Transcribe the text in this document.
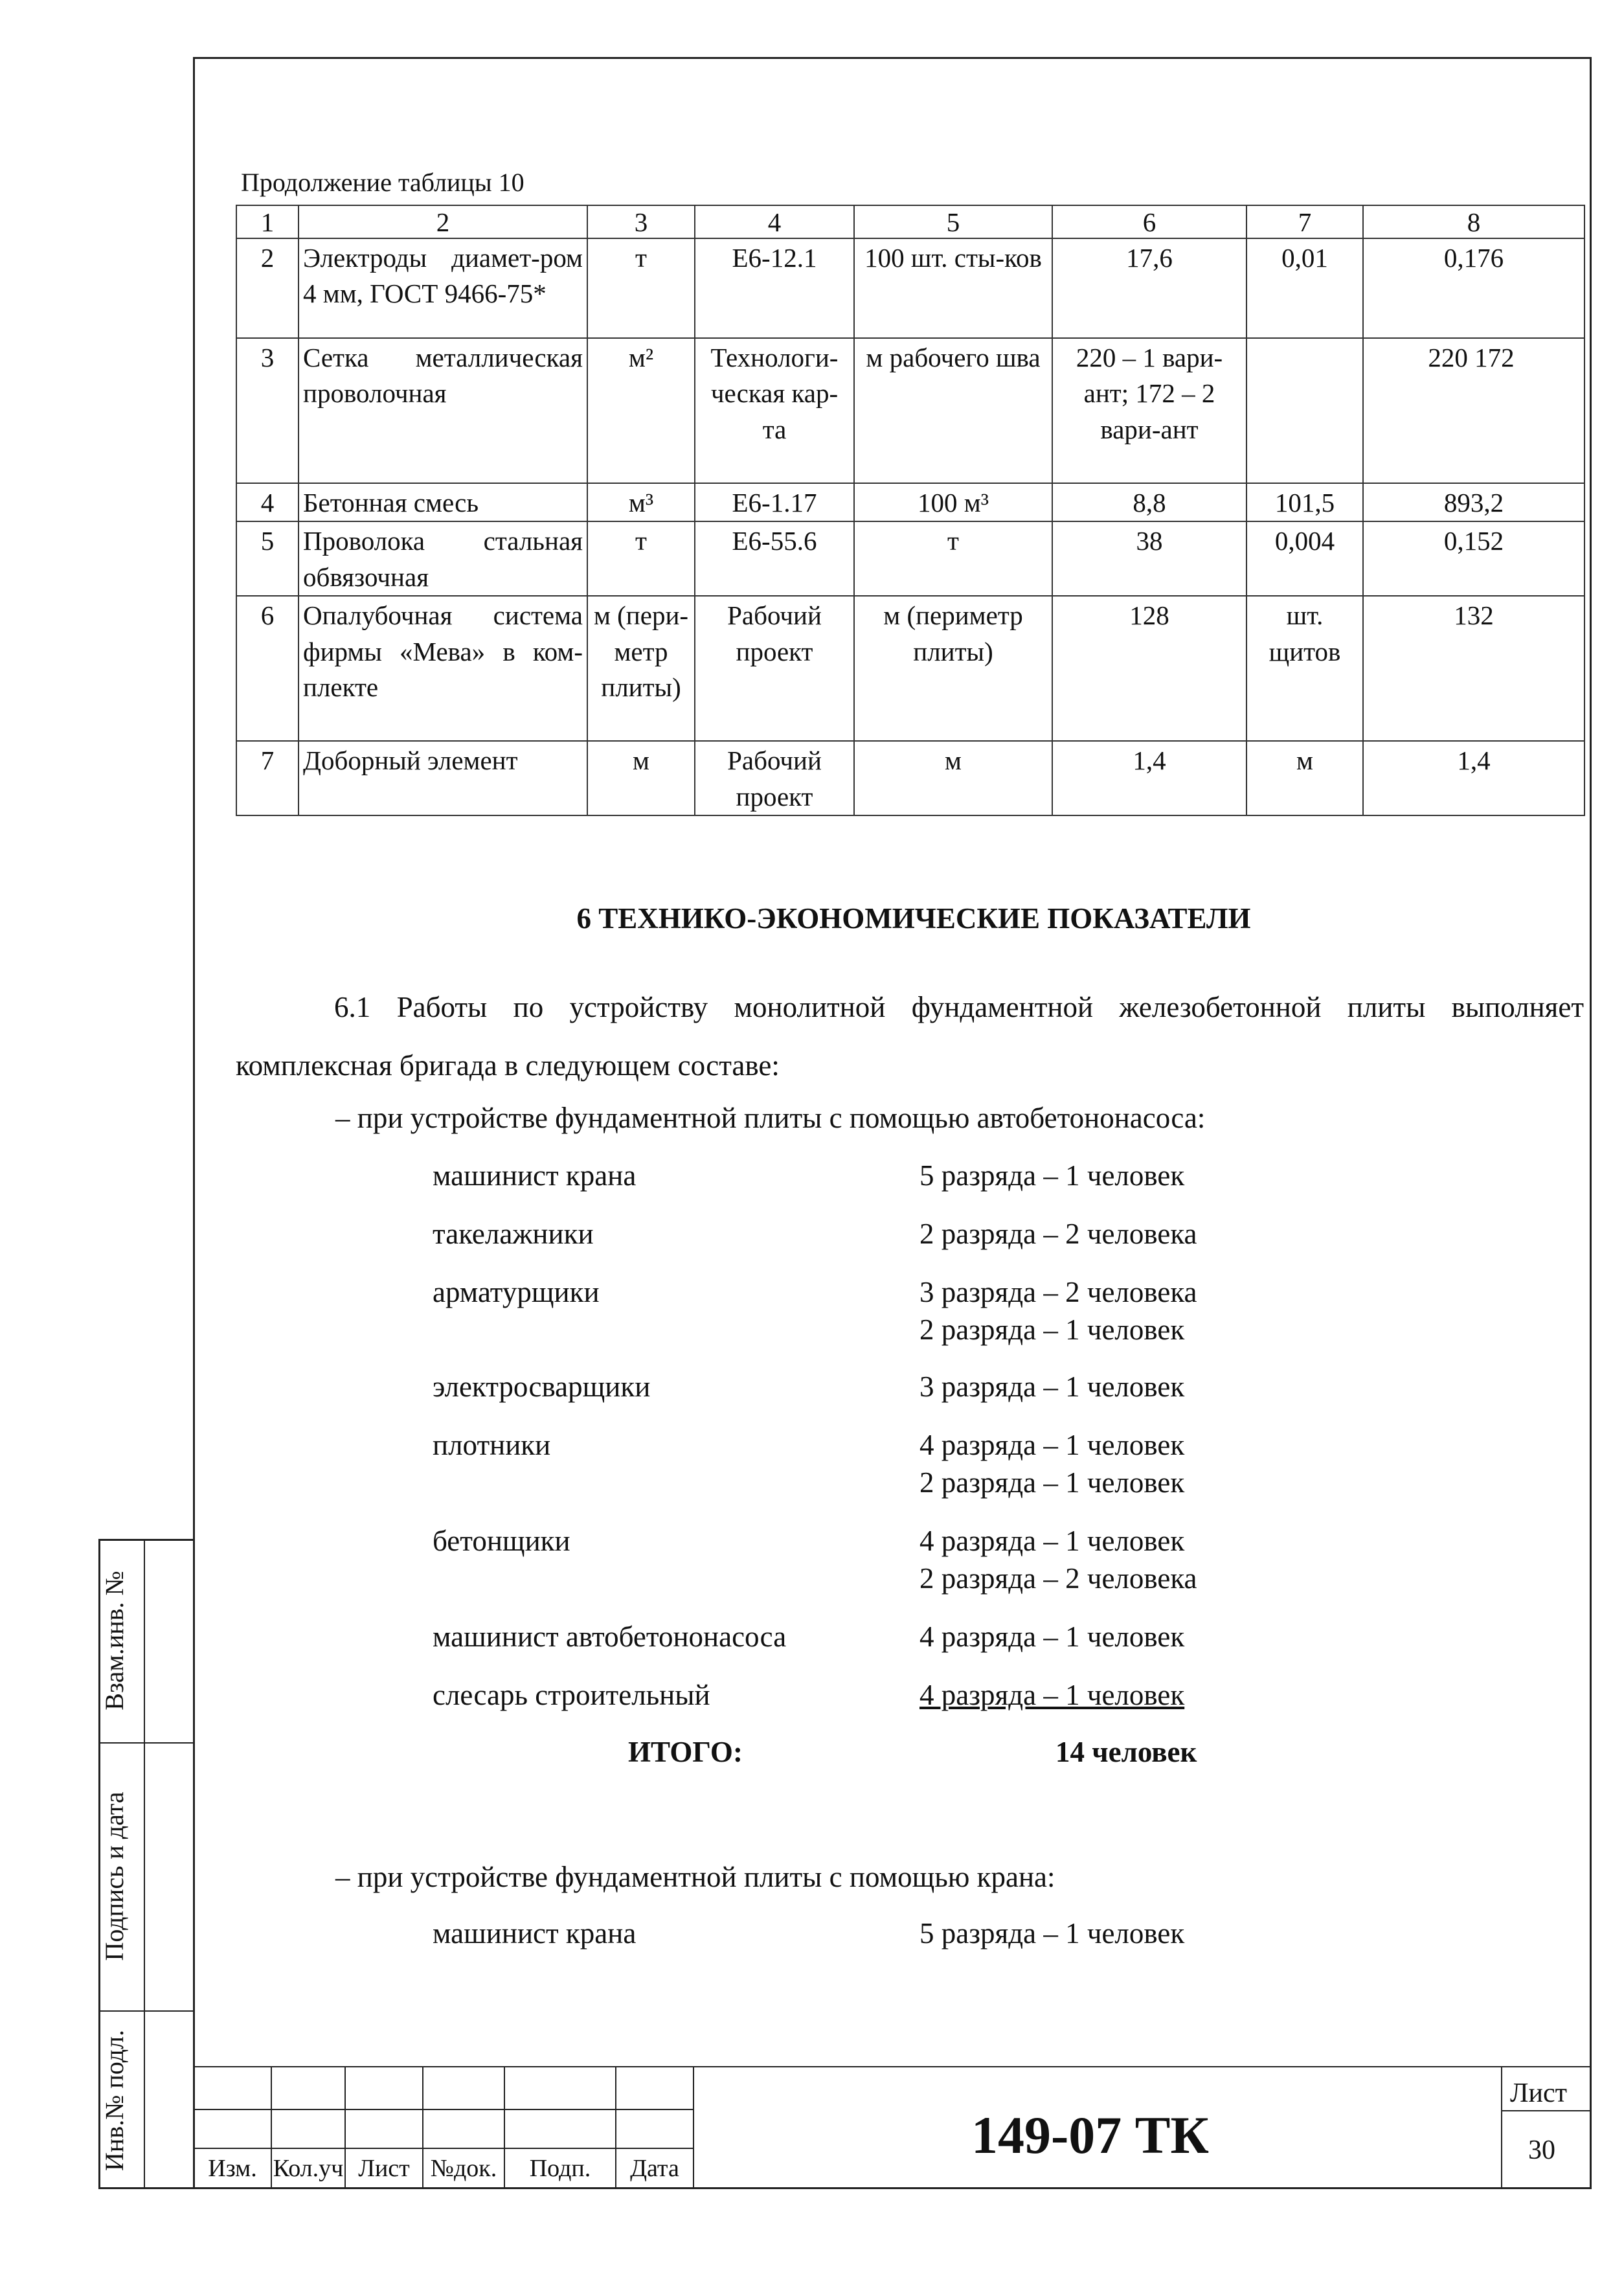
Продолжение таблицы 10
1	2	3	4	5	6	7	8
2	Электроды диамет-ром 4 мм, ГОСТ 9466-75*	т	Е6-12.1	100 шт. сты-ков	17,6	0,01	0,176
3	Сетка металлическая проволочная	м²	Технологи-ческая кар-та	м рабочего шва	220 – 1 вари-ант; 172 – 2 вари-ант		220 172
4	Бетонная смесь	м³	Е6-1.17	100 м³	8,8	101,5	893,2
5	Проволока стальная обвязочная	т	Е6-55.6	т	38	0,004	0,152
6	Опалубочная система фирмы «Мева» в ком-плекте	м (пери-метр плиты)	Рабочий проект	м (периметр плиты)	128	шт. щитов	132
7	Доборный элемент	м	Рабочий проект	м	1,4	м	1,4
6 ТЕХНИКО-ЭКОНОМИЧЕСКИЕ ПОКАЗАТЕЛИ
6.1 Работы по устройству монолитной фундаментной железобетонной плиты выполняет комплексная бригада в следующем составе:
– при устройстве фундаментной плиты с помощью автобетононасоса:
машинист крана	5 разряда – 1 человек
такелажники	2 разряда – 2 человека
арматурщики	3 разряда – 2 человека
2 разряда – 1 человек
электросварщики	3 разряда – 1 человек
плотники	4 разряда – 1 человек
2 разряда – 1 человек
бетонщики	4 разряда – 1 человек
2 разряда – 2 человека
машинист автобетононасоса	4 разряда – 1 человек
слесарь строительный	4 разряда – 1 человек
ИТОГО:	14 человек
– при устройстве фундаментной плиты с помощью крана:
машинист крана	5 разряда – 1 человек
Взам.инв. №
Подпись и дата
Инв.№ подл.	Изм. Кол.уч Лист №док.	Подп.	Дата
149-07 ТК
Лист
30
